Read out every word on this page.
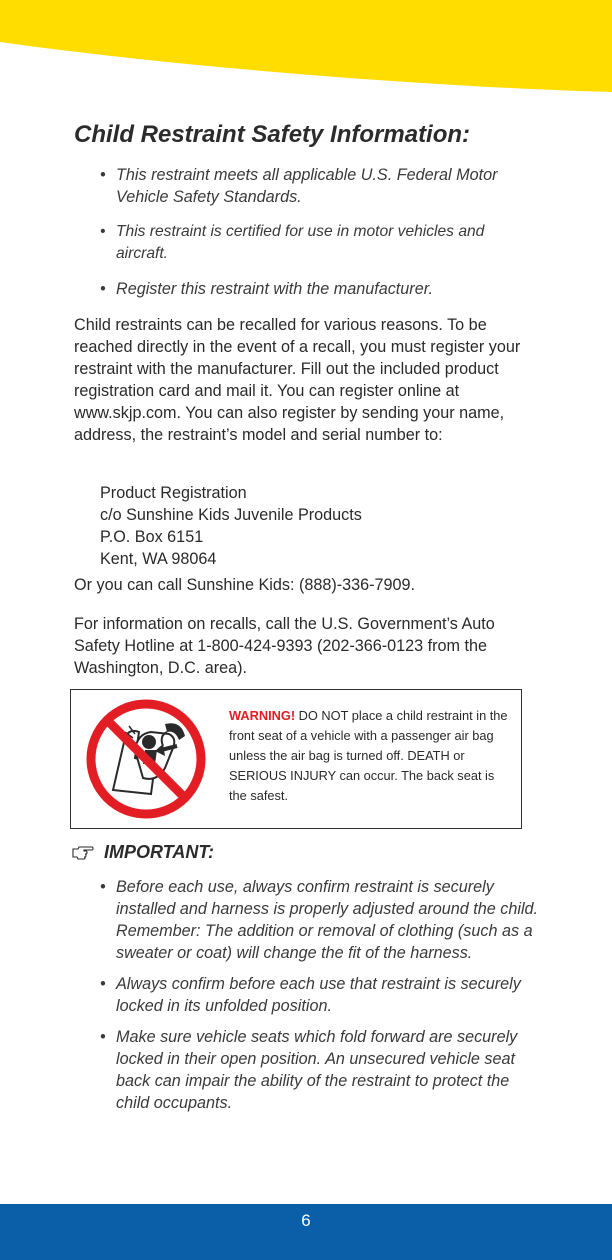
Child Restraint Safety Information:
• This restraint meets all applicable U.S. Federal Motor Vehicle Safety Standards.
• This restraint is certified for use in motor vehicles and aircraft.
• Register this restraint with the manufacturer.

Child restraints can be recalled for various reasons. To be reached directly in the event of a recall, you must register your restraint with the manufacturer. Fill out the included product registration card and mail it. You can register online at www.skjp.com. You can also register by sending your name, address, the restraint’s model and serial number to:

Product Registration
c/o Sunshine Kids Juvenile Products
P.O. Box 6151
Kent, WA 98064

Or you can call Sunshine Kids: (888)-336-7909.

For information on recalls, call the U.S. Government’s Auto Safety Hotline at 1-800-424-9393 (202-366-0123 from the Washington, D.C. area).

WARNING! DO NOT place a child restraint in the front seat of a vehicle with a passenger air bag unless the air bag is turned off. DEATH or SERIOUS INJURY can occur. The back seat is the safest.

IMPORTANT:
• Before each use, always confirm restraint is securely installed and harness is properly adjusted around the child. Remember: The addition or removal of clothing (such as a sweater or coat) will change the fit of the harness.
• Always confirm before each use that restraint is securely locked in its unfolded position.
• Make sure vehicle seats which fold forward are securely locked in their open position. An unsecured vehicle seat back can impair the ability of the restraint to protect the child occupants.
6
